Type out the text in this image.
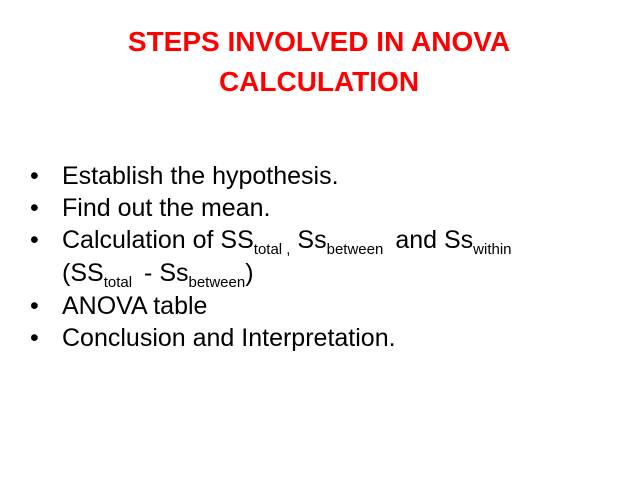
STEPS INVOLVED IN ANOVA
CALCULATION
• Establish the hypothesis.
• Find out the mean.
• Calculation of $SS_{total ,}$ $Ss_{between}$ and $Ss_{within}$
$(SS_{total} - Ss_{between})$
• ANOVA table
• Conclusion and Interpretation.
